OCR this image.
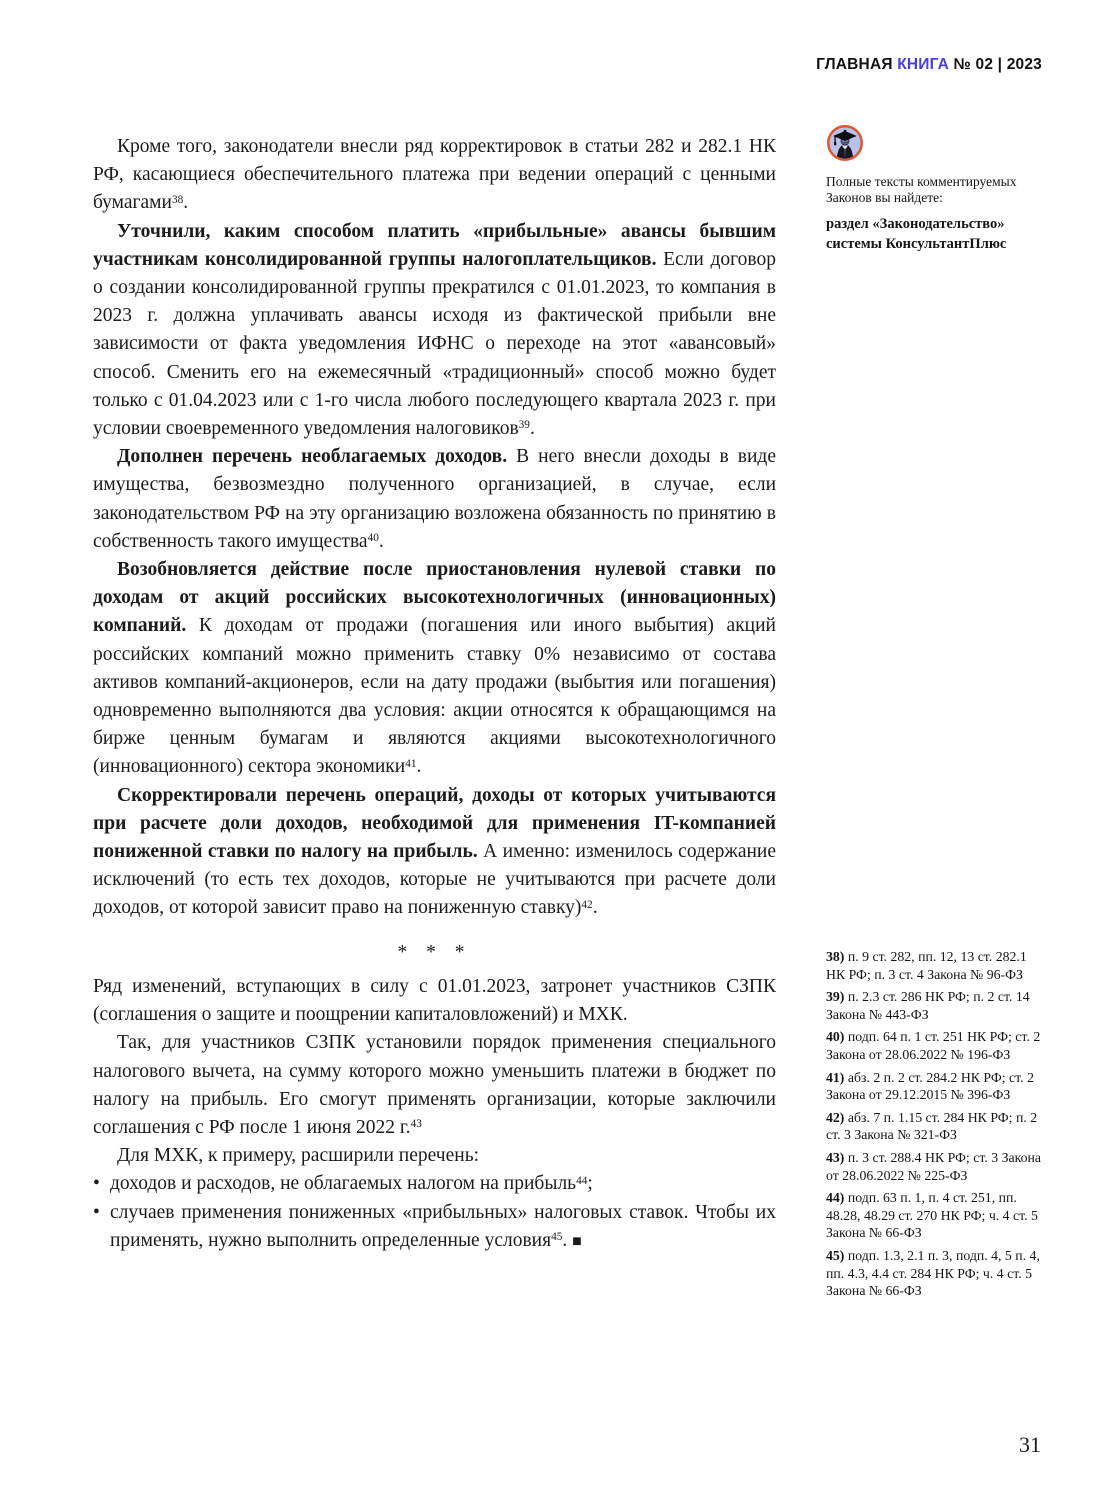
ГЛАВНАЯ КНИГА № 02 | 2023

Кроме того, законодатели внесли ряд корректировок в статьи 282 и 282.1 НК РФ, касающиеся обеспечительного платежа при ведении операций с ценными бумагами$^{38}$.

Уточнили, каким способом платить «прибыльные» авансы бывшим участникам консолидированной группы налогоплательщиков. Если договор о создании консолидированной группы прекратился с 01.01.2023, то компания в 2023 г. должна уплачивать авансы исходя из фактической прибыли вне зависимости от факта уведомления ИФНС о переходе на этот «авансовый» способ. Сменить его на ежемесячный «традиционный» способ можно будет только с 01.04.2023 или с 1-го числа любого последующего квартала 2023 г. при условии своевременного уведомления налоговиков$^{39}$.

Дополнен перечень необлагаемых доходов. В него внесли доходы в виде имущества, безвозмездно полученного организацией, в случае, если законодательством РФ на эту организацию возложена обязанность по принятию в собственность такого имущества$^{40}$.

Возобновляется действие после приостановления нулевой ставки по доходам от акций российских высокотехнологичных (инновационных) компаний. К доходам от продажи (погашения или иного выбытия) акций российских компаний можно применить ставку 0% независимо от состава активов компаний-акционеров, если на дату продажи (выбытия или погашения) одновременно выполняются два условия: акции относятся к обращающимся на бирже ценным бумагам и являются акциями высокотехнологичного (инновационного) сектора экономики$^{41}$.

Скорректировали перечень операций, доходы от которых учитываются при расчете доли доходов, необходимой для применения IT-компанией пониженной ставки по налогу на прибыль. А именно: изменилось содержание исключений (то есть тех доходов, которые не учитываются при расчете доли доходов, от которой зависит право на пониженную ставку)$^{42}$.

* * *

Ряд изменений, вступающих в силу с 01.01.2023, затронет участников СЗПК (соглашения о защите и поощрении капиталовложений) и МХК.

Так, для участников СЗПК установили порядок применения специального налогового вычета, на сумму которого можно уменьшить платежи в бюджет по налогу на прибыль. Его смогут применять организации, которые заключили соглашения с РФ после 1 июня 2022 г.$^{43}$

Для МХК, к примеру, расширили перечень:

• доходов и расходов, не облагаемых налогом на прибыль$^{44}$;

• случаев применения пониженных «прибыльных» налоговых ставок. Чтобы их применять, нужно выполнить определенные условия$^{45}$. ■

Полные тексты комментируемых Законов вы найдете:

раздел «Законодательство» системы КонсультантПлюс

38) п. 9 ст. 282, пп. 12, 13 ст. 282.1 НК РФ; п. 3 ст. 4 Закона № 96-ФЗ

39) п. 2.3 ст. 286 НК РФ; п. 2 ст. 14 Закона № 443-ФЗ

40) подп. 64 п. 1 ст. 251 НК РФ; ст. 2 Закона от 28.06.2022 № 196-ФЗ

41) абз. 2 п. 2 ст. 284.2 НК РФ; ст. 2 Закона от 29.12.2015 № 396-ФЗ

42) абз. 7 п. 1.15 ст. 284 НК РФ; п. 2 ст. 3 Закона № 321-ФЗ

43) п. 3 ст. 288.4 НК РФ; ст. 3 Закона от 28.06.2022 № 225-ФЗ

44) подп. 63 п. 1, п. 4 ст. 251, пп. 48.28, 48.29 ст. 270 НК РФ; ч. 4 ст. 5 Закона № 66-ФЗ

45) подп. 1.3, 2.1 п. 3, подп. 4, 5 п. 4, пп. 4.3, 4.4 ст. 284 НК РФ; ч. 4 ст. 5 Закона № 66-ФЗ

31
